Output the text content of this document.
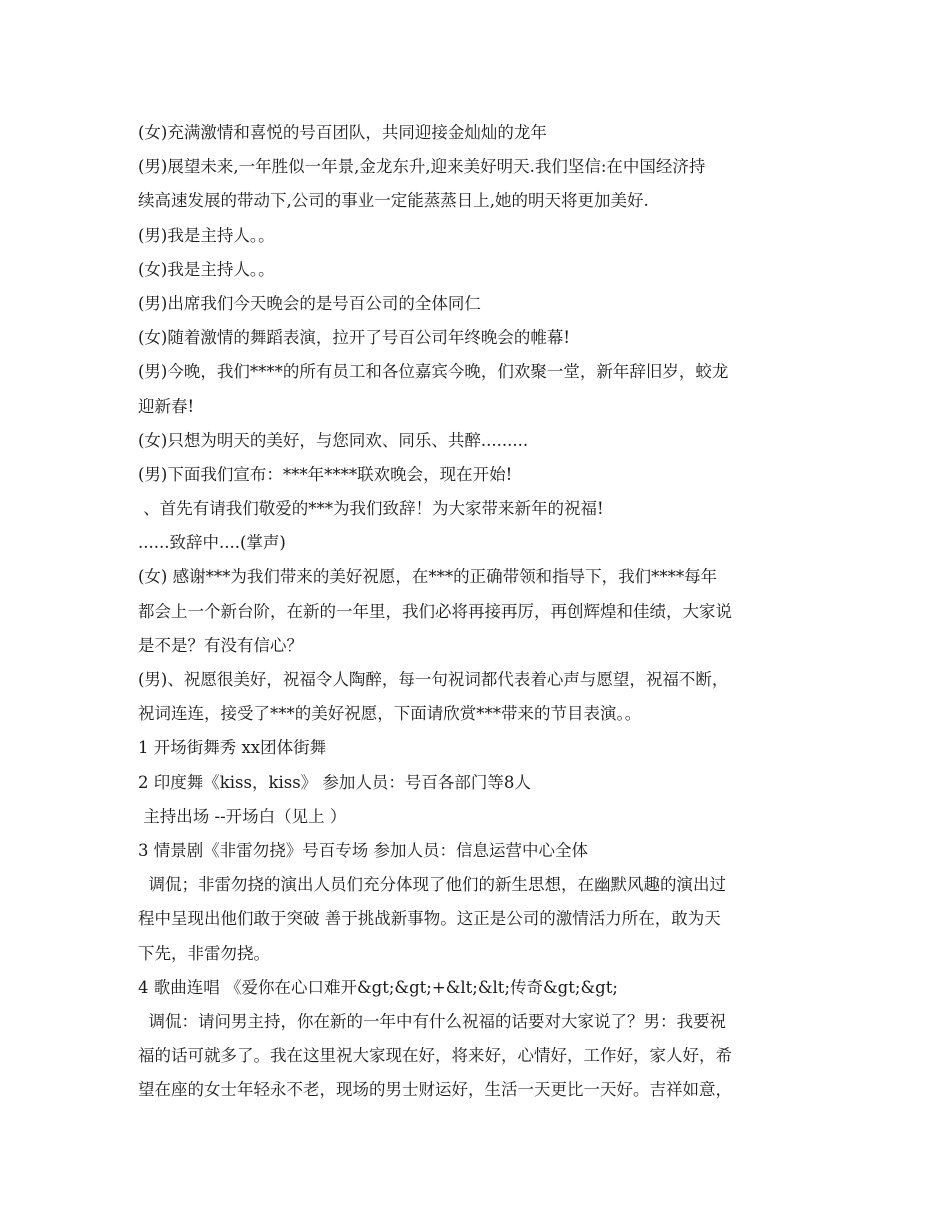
(女)充满激情和喜悦的号百团队，共同迎接金灿灿的龙年
(男)展望未来,一年胜似一年景,金龙东升,迎来美好明天.我们坚信:在中国经济持
续高速发展的带动下,公司的事业一定能蒸蒸日上,她的明天将更加美好.
(男)我是主持人。。
(女)我是主持人。。
(男)出席我们今天晚会的是号百公司的全体同仁
(女)随着激情的舞蹈表演，拉开了号百公司年终晚会的帷幕!
(男)今晚，我们****的所有员工和各位嘉宾今晚，们欢聚一堂，新年辞旧岁，蛟龙
迎新春!
(女)只想为明天的美好，与您同欢、同乐、共醉.........
(男)下面我们宣布：***年****联欢晚会，现在开始!
、首先有请我们敬爱的***为我们致辞！为大家带来新年的祝福!
......致辞中....(掌声)
(女) 感谢***为我们带来的美好祝愿，在***的正确带领和指导下，我们****每年
都会上一个新台阶，在新的一年里，我们必将再接再厉，再创辉煌和佳绩，大家说
是不是？有没有信心？
(男)、祝愿很美好，祝福令人陶醉，每一句祝词都代表着心声与愿望，祝福不断，
祝词连连，接受了***的美好祝愿，下面请欣赏***带来的节目表演。。
1 开场街舞秀 xx团体街舞
2 印度舞《kiss，kiss》 参加人员：号百各部门等8人
主持出场 --开场白（见上 ）
3 情景剧《非雷勿挠》号百专场 参加人员：信息运营中心全体
调侃；非雷勿挠的演出人员们充分体现了他们的新生思想，在幽默风趣的演出过
程中呈现出他们敢于突破 善于挑战新事物。这正是公司的激情活力所在，敢为天
下先，非雷勿挠。
4 歌曲连唱 《爱你在心口难开&gt;&gt;+&lt;&lt;传奇&gt;&gt;
调侃：请问男主持，你在新的一年中有什么祝福的话要对大家说了？男：我要祝
福的话可就多了。我在这里祝大家现在好，将来好，心情好，工作好，家人好，希
望在座的女士年轻永不老，现场的男士财运好，生活一天更比一天好。吉祥如意，
